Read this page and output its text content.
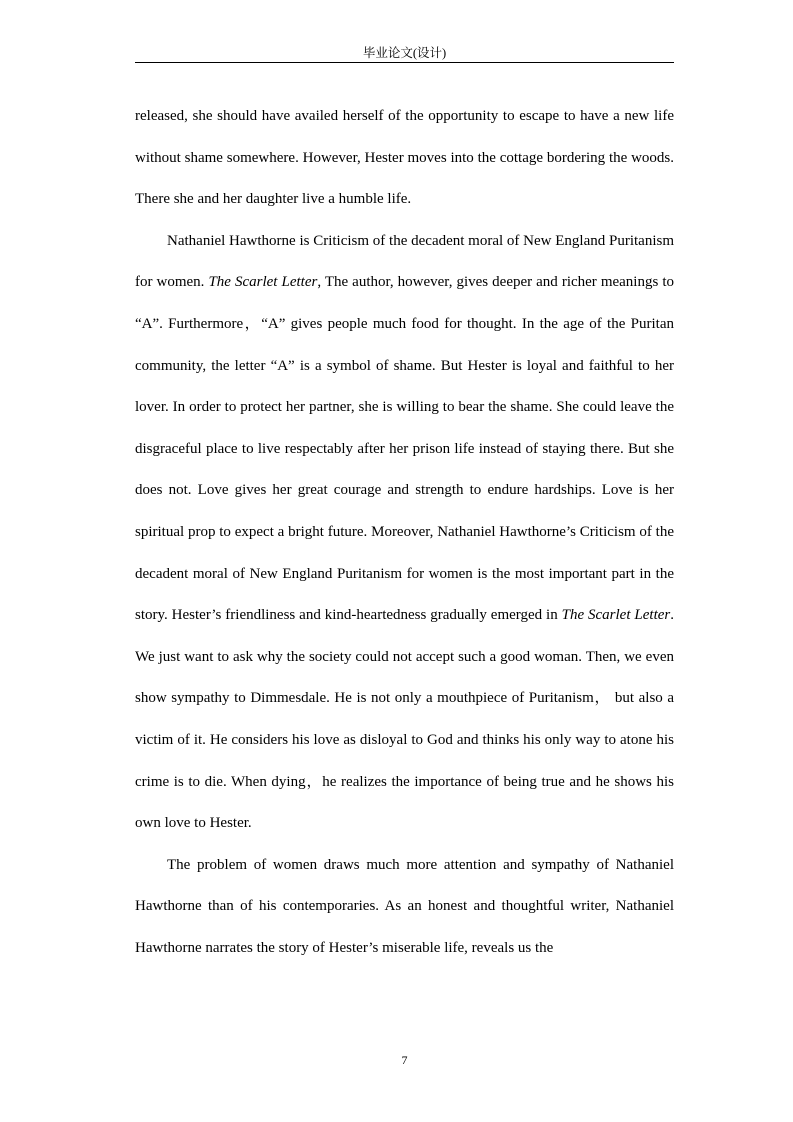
毕业论文(设计)

released, she should have availed herself of the opportunity to escape to have a new life without shame somewhere. However, Hester moves into the cottage bordering the woods. There she and her daughter live a humble life.

Nathaniel Hawthorne is Criticism of the decadent moral of New England Puritanism for women. The Scarlet Letter, The author, however, gives deeper and richer meanings to “A”. Furthermore，“A” gives people much food for thought. In the age of the Puritan community, the letter “A” is a symbol of shame. But Hester is loyal and faithful to her lover. In order to protect her partner, she is willing to bear the shame. She could leave the disgraceful place to live respectably after her prison life instead of staying there. But she does not. Love gives her great courage and strength to endure hardships. Love is her spiritual prop to expect a bright future. Moreover, Nathaniel Hawthorne’s Criticism of the decadent moral of New England Puritanism for women is the most important part in the story. Hester’s friendliness and kind-heartedness gradually emerged in The Scarlet Letter. We just want to ask why the society could not accept such a good woman. Then, we even show sympathy to Dimmesdale. He is not only a mouthpiece of Puritanism， but also a victim of it. He considers his love as disloyal to God and thinks his only way to atone his crime is to die. When dying，he realizes the importance of being true and he shows his own love to Hester.

The problem of women draws much more attention and sympathy of Nathaniel Hawthorne than of his contemporaries. As an honest and thoughtful writer, Nathaniel Hawthorne narrates the story of Hester’s miserable life, reveals us the

7
